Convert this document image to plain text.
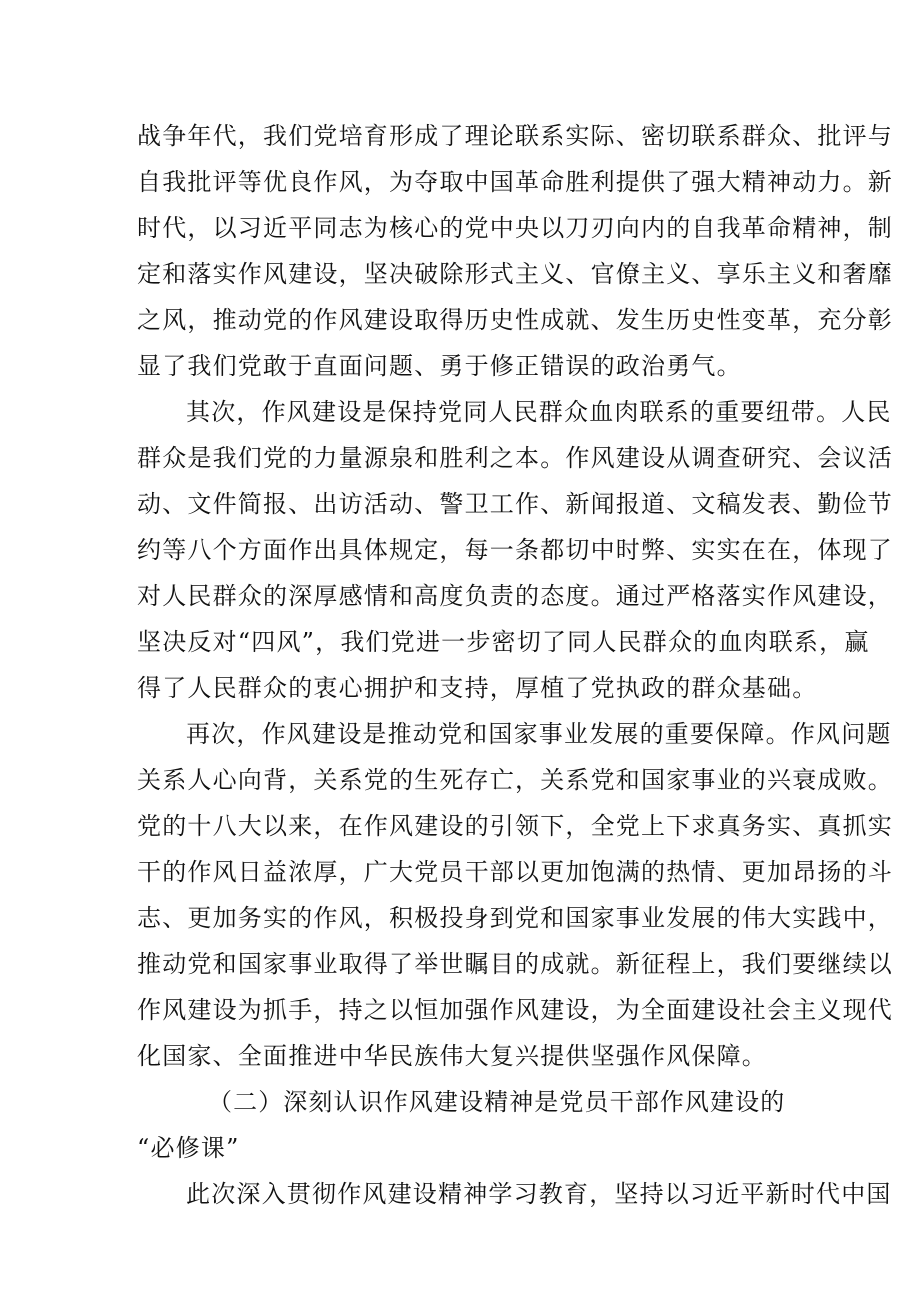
战争年代，我们党培育形成了理论联系实际、密切联系群众、批评与
自我批评等优良作风，为夺取中国革命胜利提供了强大精神动力。新
时代，以习近平同志为核心的党中央以刀刃向内的自我革命精神，制
定和落实作风建设，坚决破除形式主义、官僚主义、享乐主义和奢靡
之风，推动党的作风建设取得历史性成就、发生历史性变革，充分彰
显了我们党敢于直面问题、勇于修正错误的政治勇气。
其次，作风建设是保持党同人民群众血肉联系的重要纽带。人民
群众是我们党的力量源泉和胜利之本。作风建设从调查研究、会议活
动、文件简报、出访活动、警卫工作、新闻报道、文稿发表、勤俭节
约等八个方面作出具体规定，每一条都切中时弊、实实在在，体现了
对人民群众的深厚感情和高度负责的态度。通过严格落实作风建设，
坚决反对“四风”，我们党进一步密切了同人民群众的血肉联系，赢
得了人民群众的衷心拥护和支持，厚植了党执政的群众基础。
再次，作风建设是推动党和国家事业发展的重要保障。作风问题
关系人心向背，关系党的生死存亡，关系党和国家事业的兴衰成败。
党的十八大以来，在作风建设的引领下，全党上下求真务实、真抓实
干的作风日益浓厚，广大党员干部以更加饱满的热情、更加昂扬的斗
志、更加务实的作风，积极投身到党和国家事业发展的伟大实践中，
推动党和国家事业取得了举世瞩目的成就。新征程上，我们要继续以
作风建设为抓手，持之以恒加强作风建设，为全面建设社会主义现代
化国家、全面推进中华民族伟大复兴提供坚强作风保障。
（二）深刻认识作风建设精神是党员干部作风建设的
“必修课”
此次深入贯彻作风建设精神学习教育，坚持以习近平新时代中国
